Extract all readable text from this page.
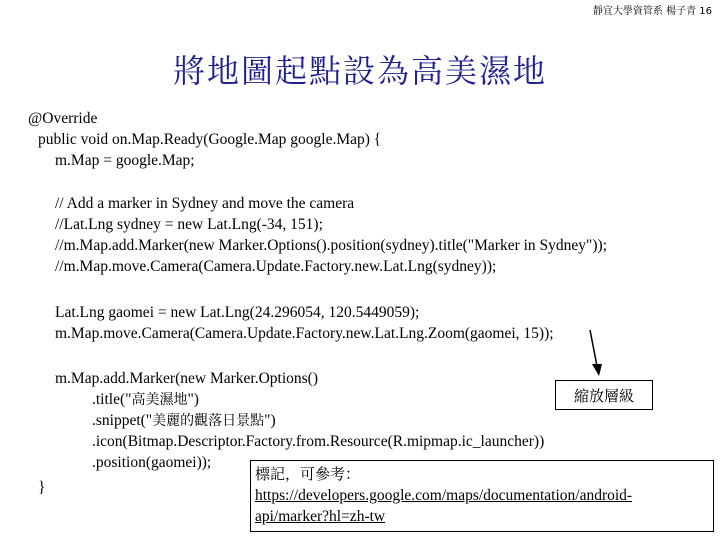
靜宜大學資管系 楊子青 16
將地圖起點設為高美濕地
@Override
public void on.Map.Ready(Google.Map google.Map) {
m.Map = google.Map;
// Add a marker in Sydney and move the camera
//Lat.Lng sydney = new Lat.Lng(-34, 151);
//m.Map.add.Marker(new Marker.Options().position(sydney).title("Marker in Sydney"));
//m.Map.move.Camera(Camera.Update.Factory.new.Lat.Lng(sydney));
Lat.Lng gaomei = new Lat.Lng(24.296054, 120.5449059);
m.Map.move.Camera(Camera.Update.Factory.new.Lat.Lng.Zoom(gaomei, 15));
m.Map.add.Marker(new Marker.Options()
.title("高美濕地")
.snippet("美麗的觀落日景點")
.icon(Bitmap.Descriptor.Factory.from.Resource(R.mipmap.ic_launcher))
.position(gaomei));
}
縮放層級
標記，可參考：
https://developers.google.com/maps/documentation/android-
api/marker?hl=zh-tw
